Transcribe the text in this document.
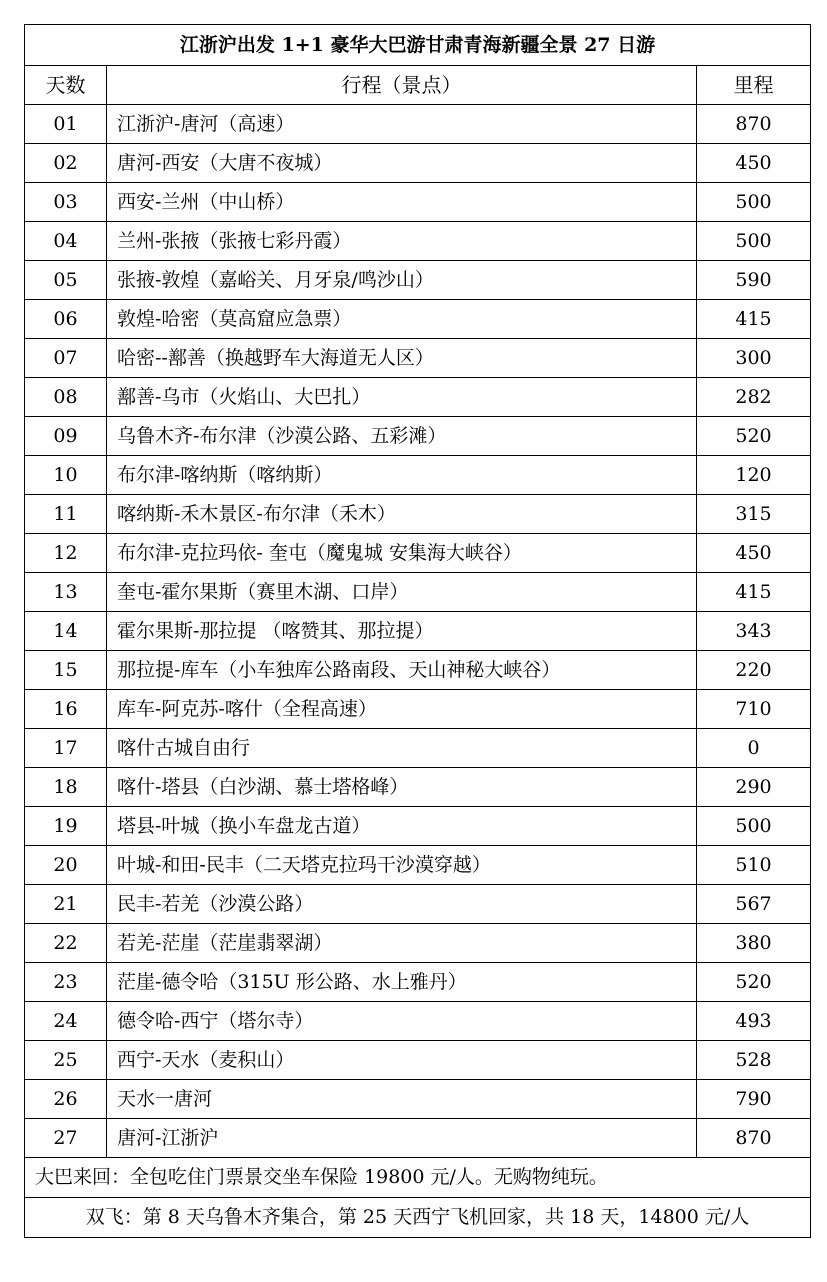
江浙沪出发 1+1 豪华大巴游甘肃青海新疆全景 27 日游		
天数	行程（景点）	里程
01	江浙沪-唐河（高速）	870
02	唐河-西安（大唐不夜城）	450
03	西安-兰州（中山桥）	500
04	兰州-张掖（张掖七彩丹霞）	500
05	张掖-敦煌（嘉峪关、月牙泉/鸣沙山）	590
06	敦煌-哈密（莫高窟应急票）	415
07	哈密--鄯善（换越野车大海道无人区）	300
08	鄯善-乌市（火焰山、大巴扎）	282
09	乌鲁木齐-布尔津（沙漠公路、五彩滩）	520
10	布尔津-喀纳斯（喀纳斯）	120
11	喀纳斯-禾木景区-布尔津（禾木）	315
12	布尔津-克拉玛依- 奎屯（魔鬼城 安集海大峡谷）	450
13	奎屯-霍尔果斯（赛里木湖、口岸）	415
14	霍尔果斯-那拉提 （喀赞其、那拉提）	343
15	那拉提-库车（小车独库公路南段、天山神秘大峡谷）	220
16	库车-阿克苏-喀什（全程高速）	710
17	喀什古城自由行	0
18	喀什-塔县（白沙湖、慕士塔格峰）	290
19	塔县-叶城（换小车盘龙古道）	500
20	叶城-和田-民丰（二天塔克拉玛干沙漠穿越）	510
21	民丰-若羌（沙漠公路）	567
22	若羌-茫崖（茫崖翡翠湖）	380
23	茫崖-德令哈（315U 形公路、水上雅丹）	520
24	德令哈-西宁（塔尔寺）	493
25	西宁-天水（麦积山）	528
26	天水一唐河	790
27	唐河-江浙沪	870
大巴来回：全包吃住门票景交坐车保险 19800 元/人。无购物纯玩。		
双飞：第 8 天乌鲁木齐集合，第 25 天西宁飞机回家，共 18 天，14800 元/人		
